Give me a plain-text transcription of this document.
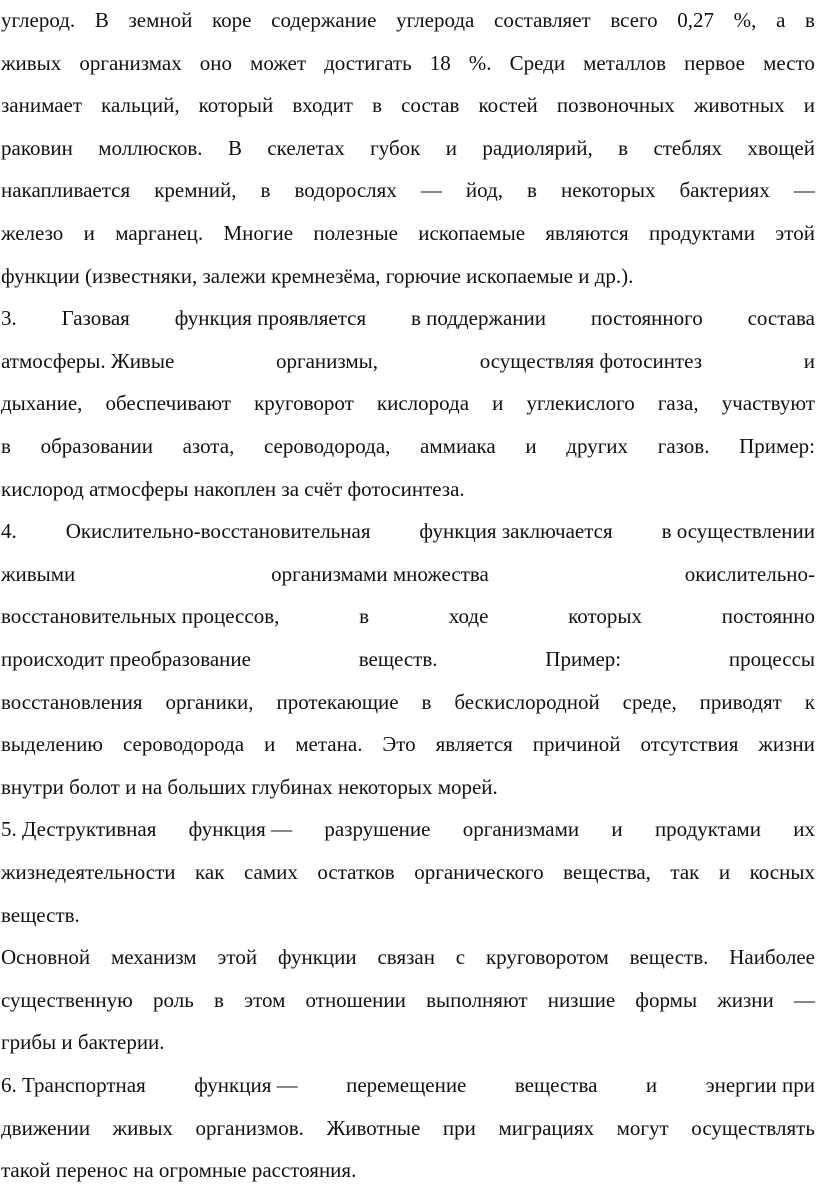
углерод. В земной коре содержание углерода составляет всего 0,27 %, а в
живых организмах оно может достигать 18 %. Среди металлов первое место
занимает кальций, который входит в состав костей позвоночных животных и
раковин моллюсков. В скелетах губок и радиолярий, в стеблях хвощей
накапливается кремний, в водорослях — йод, в некоторых бактериях —
железо и марганец. Многие полезные ископаемые являются продуктами этой
функции (известняки, залежи кремнезёма, горючие ископаемые и др.).
3. Газовая функция проявляется в поддержании постоянного состава
атмосферы. Живые	организмы,	осуществляя фотосинтез	и
дыхание, обеспечивают круговорот кислорода и углекислого газа, участвуют
в образовании азота, сероводорода, аммиака и других газов. Пример:
кислород атмосферы накоплен за счёт фотосинтеза.
4. Окислительно-восстановительная функция заключается в осуществлении
живыми	организмами множества	окислительно-
восстановительных процессов,	в	ходе	которых	постоянно
происходит преобразование	веществ.	Пример:	процессы
восстановления органики, протекающие в бескислородной среде, приводят к
выделению сероводорода и метана. Это является причиной отсутствия жизни
внутри болот и на больших глубинах некоторых морей.
5. Деструктивная функция — разрушение организмами и продуктами их
жизнедеятельности как самих остатков органического вещества, так и косных
веществ.
Основной механизм этой функции связан с круговоротом веществ. Наиболее
существенную роль в этом отношении выполняют низшие формы жизни —
грибы и бактерии.
6. Транспортная функция — перемещение вещества и энергии при
движении живых организмов. Животные при миграциях могут осуществлять
такой перенос на огромные расстояния.
